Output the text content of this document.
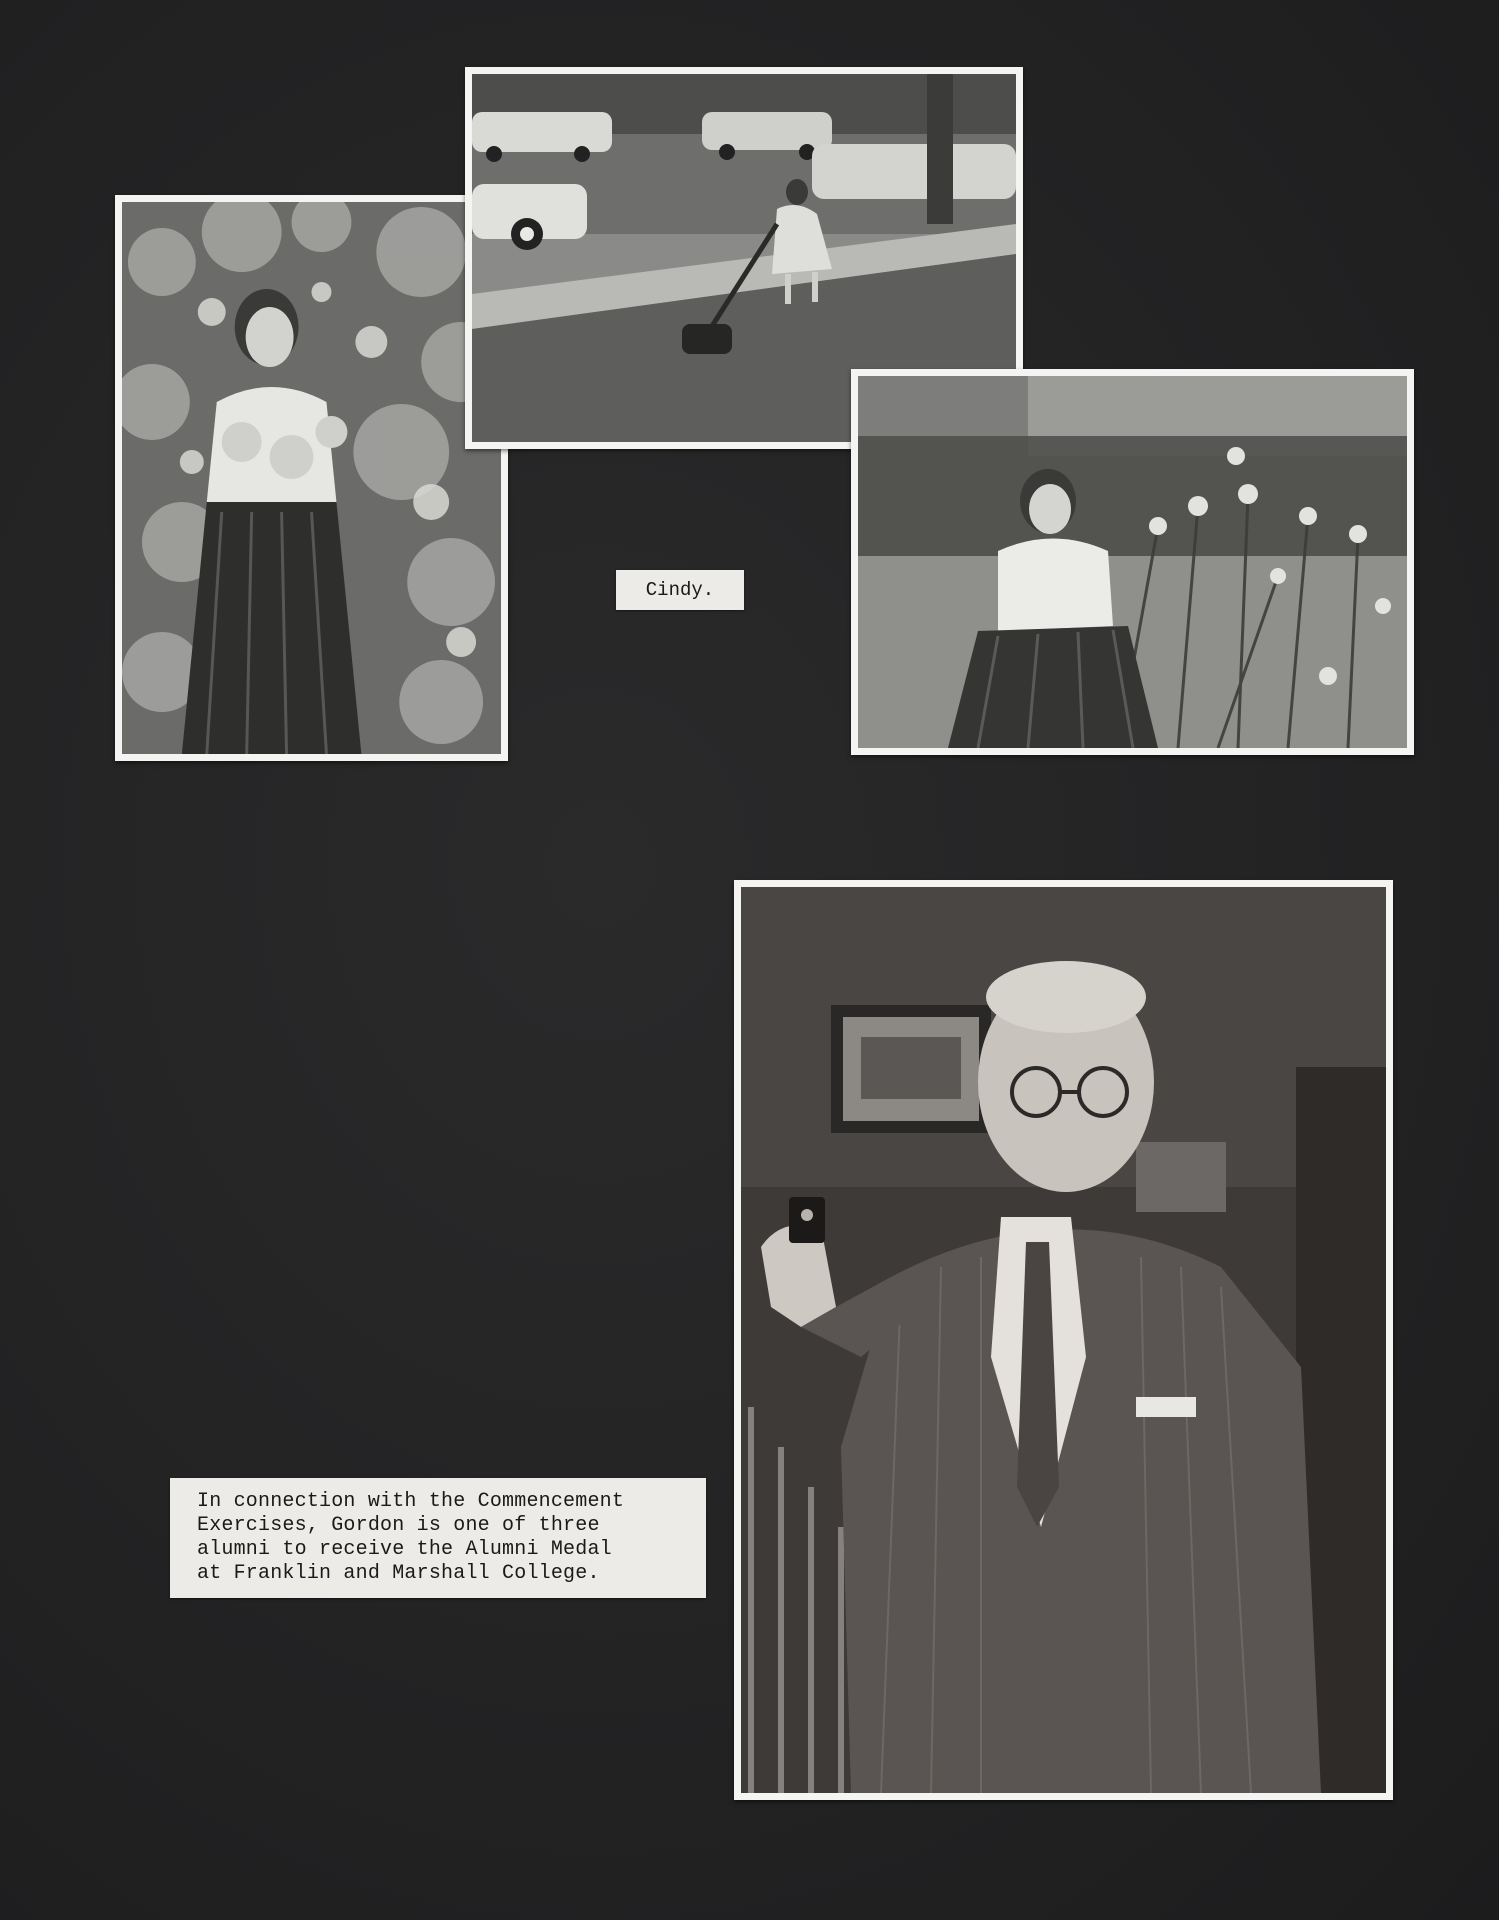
Cindy.
In connection with the Commencement
Exercises, Gordon is one of three
alumni to receive the Alumni Medal
at Franklin and Marshall College.
